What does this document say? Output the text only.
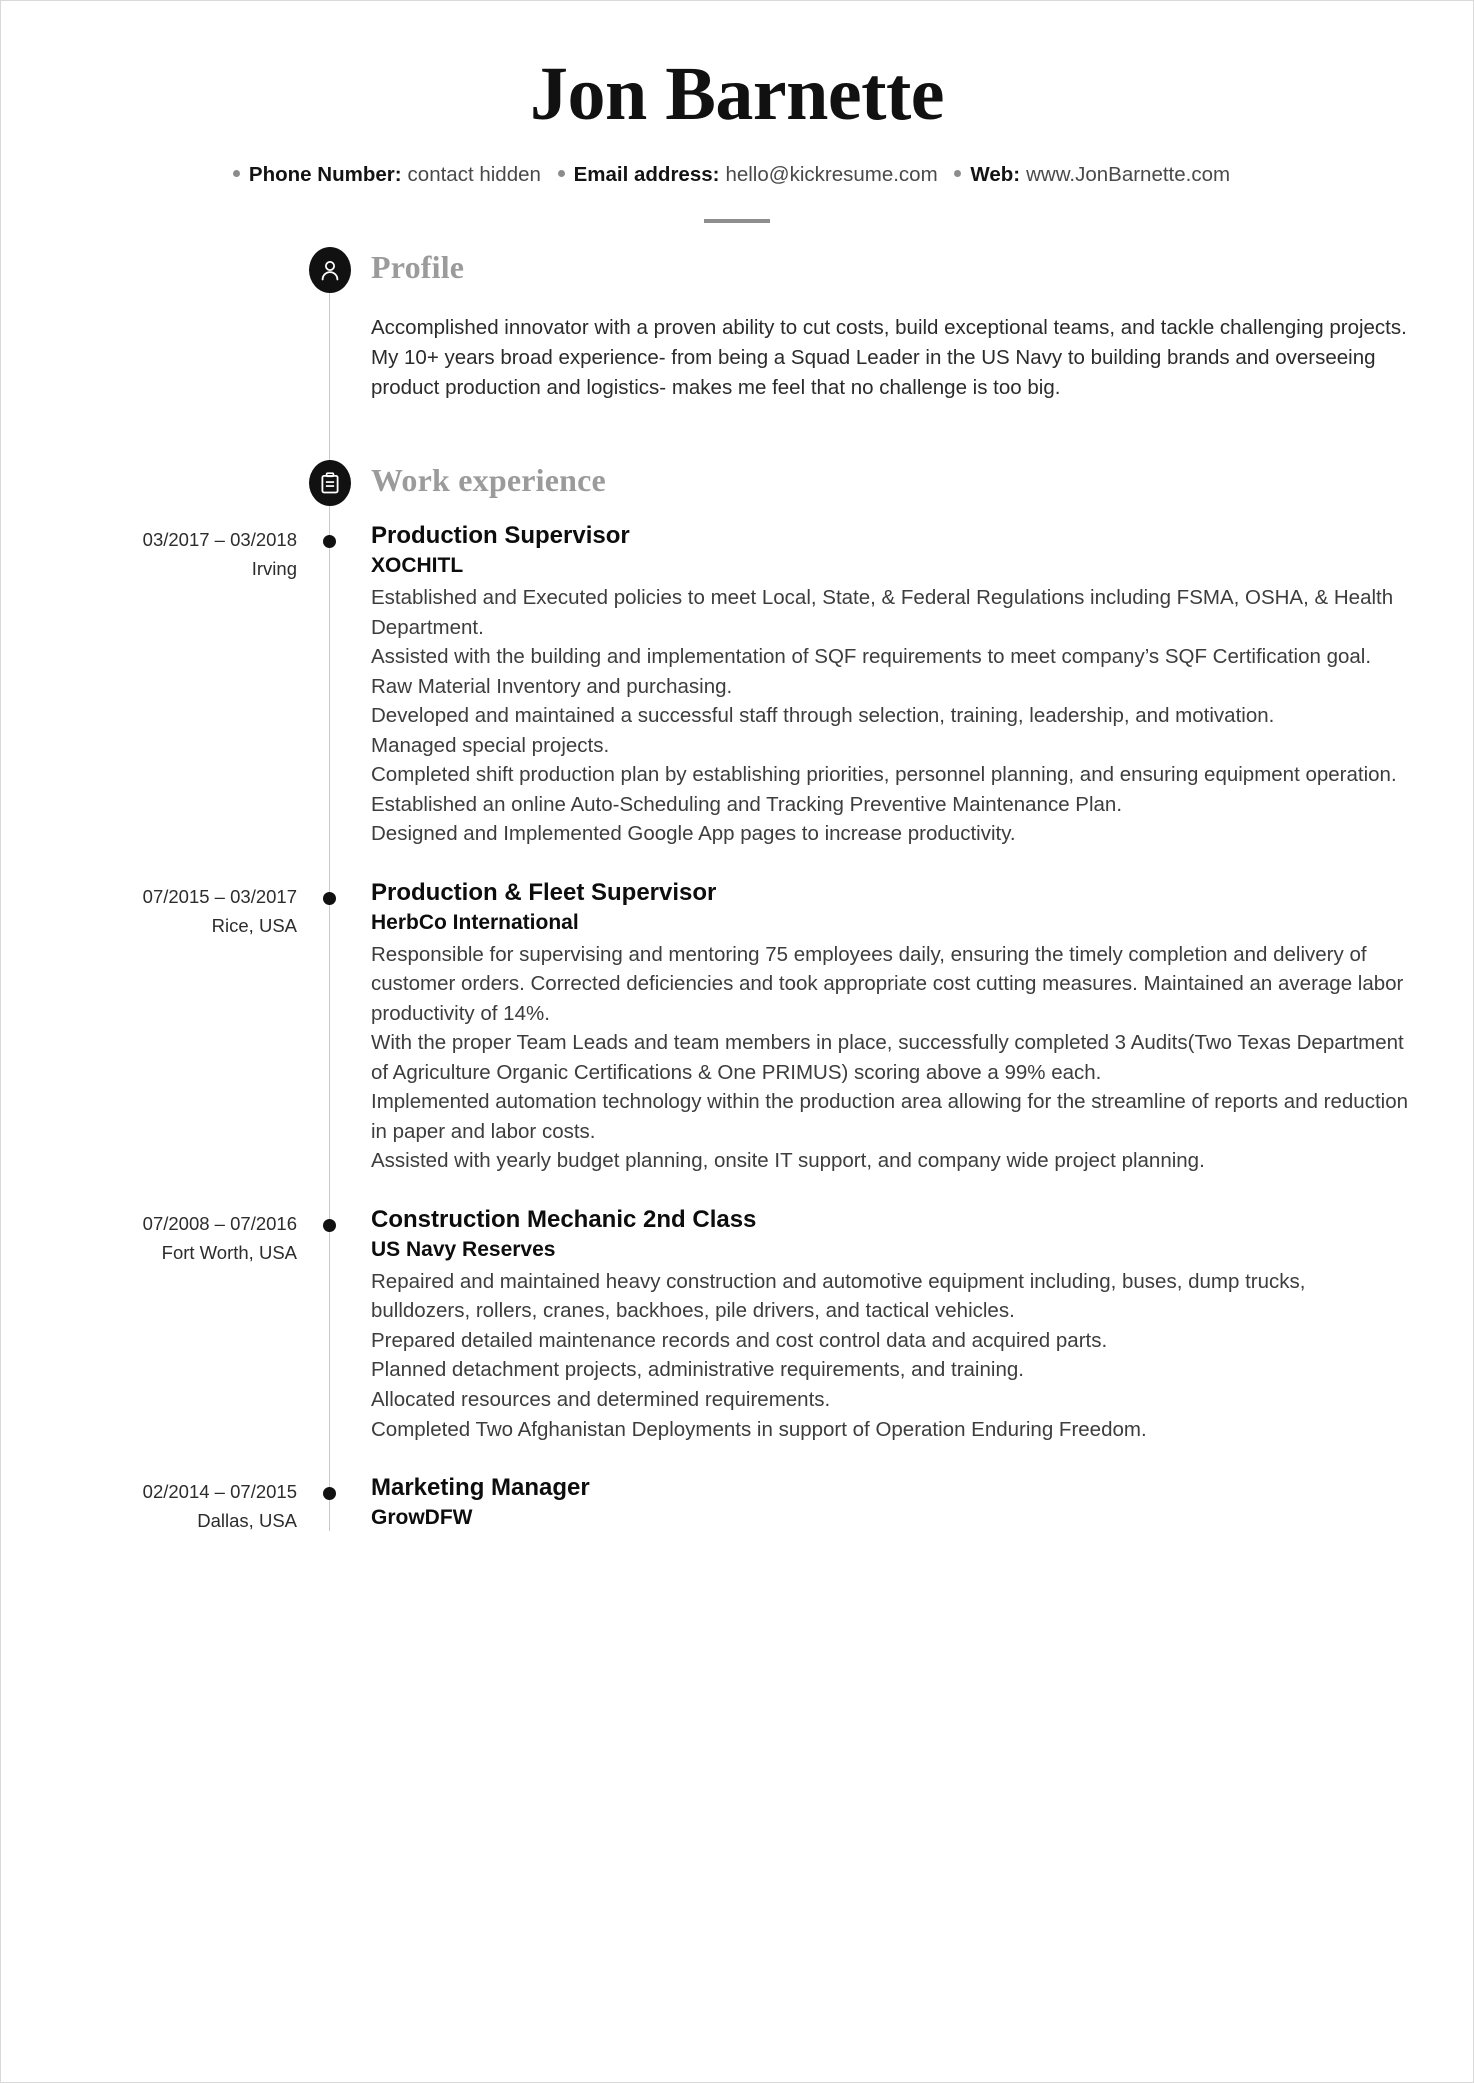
Jon Barnette
Phone Number: contact hidden Email address: hello@kickresume.com Web: www.JonBarnette.com
Profile

Accomplished innovator with a proven ability to cut costs, build exceptional teams, and tackle challenging projects. My 10+ years broad experience- from being a Squad Leader in the US Navy to building brands and overseeing product production and logistics- makes me feel that no challenge is too big.

Work experience
03/2017 – 03/2018
Irving
Production Supervisor
XOCHITL
Established and Executed policies to meet Local, State, & Federal Regulations including FSMA, OSHA, & Health Department.
Assisted with the building and implementation of SQF requirements to meet company’s SQF Certification goal.
Raw Material Inventory and purchasing.
Developed and maintained a successful staff through selection, training, leadership, and motivation.
Managed special projects.
Completed shift production plan by establishing priorities, personnel planning, and ensuring equipment operation.
Established an online Auto-Scheduling and Tracking Preventive Maintenance Plan.
Designed and Implemented Google App pages to increase productivity.
07/2015 – 03/2017
Rice, USA
Production & Fleet Supervisor
HerbCo International
Responsible for supervising and mentoring 75 employees daily, ensuring the timely completion and delivery of customer orders. Corrected deficiencies and took appropriate cost cutting measures. Maintained an average labor productivity of 14%.
With the proper Team Leads and team members in place, successfully completed 3 Audits(Two Texas Department of Agriculture Organic Certifications & One PRIMUS) scoring above a 99% each.
Implemented automation technology within the production area allowing for the streamline of reports and reduction in paper and labor costs.
Assisted with yearly budget planning, onsite IT support, and company wide project planning.
07/2008 – 07/2016
Fort Worth, USA
Construction Mechanic 2nd Class
US Navy Reserves
Repaired and maintained heavy construction and automotive equipment including, buses, dump trucks, bulldozers, rollers, cranes, backhoes, pile drivers, and tactical vehicles.
Prepared detailed maintenance records and cost control data and acquired parts.
Planned detachment projects, administrative requirements, and training.
Allocated resources and determined requirements.
Completed Two Afghanistan Deployments in support of Operation Enduring Freedom.
02/2014 – 07/2015
Dallas, USA
Marketing Manager
GrowDFW
